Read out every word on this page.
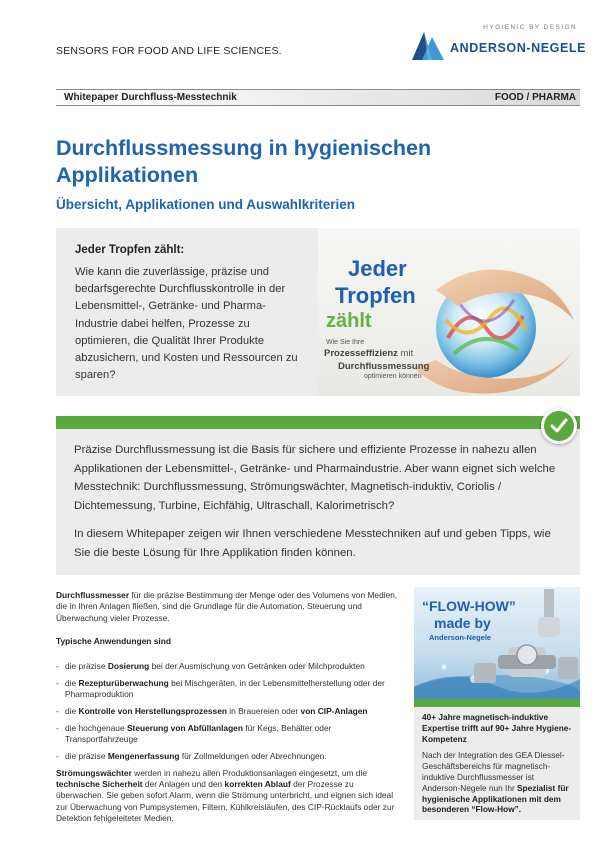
SENSORS FOR FOOD AND LIFE SCIENCES.
HYGIENIC BY DESIGN
ANDERSON-NEGELE
Whitepaper Durchfluss-Messtechnik	FOOD / PHARMA
Durchflussmessung in hygienischen
Applikationen
Übersicht, Applikationen und Auswahlkriterien
Jeder Tropfen zählt:
Wie kann die zuverlässige, präzise und bedarfsgerechte Durchflusskontrolle in der Lebensmittel-, Getränke- und Pharma-Industrie dabei helfen, Prozesse zu optimieren, die Qualität Ihrer Produkte abzusichern, und Kosten und Ressourcen zu sparen?
Jeder
Tropfen
zählt
Wie Sie Ihre
Prozesseffizienz mit
Durchflussmessung
optimieren können
Präzise Durchflussmessung ist die Basis für sichere und effiziente Prozesse in nahezu allen Applikationen der Lebensmittel-, Getränke- und Pharmaindustrie. Aber wann eignet sich welche Messtechnik: Durchflussmessung, Strömungswächter, Magnetisch-induktiv, Coriolis / Dichtemessung, Turbine, Eichfähig, Ultraschall, Kalorimetrisch?
In diesem Whitepaper zeigen wir Ihnen verschiedene Messtechniken auf und geben Tipps, wie Sie die beste Lösung für Ihre Applikation finden können.

Durchflussmesser für die präzise Bestimmung der Menge oder des Volumens von Medien, die in Ihren Anlagen fließen, sind die Grundlage für die Automation, Steuerung und Überwachung vieler Prozesse.

Typische Anwendungen sind

- die präzise Dosierung bei der Ausmischung von Getränken oder Milchprodukten
- die Rezepturüberwachung bei Mischgeräten, in der Lebensmittelherstellung oder der Pharmaproduktion
- die Kontrolle von Herstellungsprozessen in Brauereien oder von CIP-Anlagen
- die hochgenaue Steuerung von Abfüllanlagen für Kegs, Behälter oder Transportfahrzeuge
- die präzise Mengenerfassung für Zollmeldungen oder Abrechnungen.

Strömungswächter werden in nahezu allen Produktionsanlagen eingesetzt, um die technische Sicherheit der Anlagen und den korrekten Ablauf der Prozesse zu überwachen. Sie geben sofort Alarm, wenn die Strömung unterbricht, und eignen sich ideal zur Überwachung von Pumpsystemen, Filtern, Kühlkreisläufen, des CIP-Rücklaufs oder zur Detektion fehlgeleiteter Medien.

“FLOW-HOW”
made by
Anderson-Negele
40+ Jahre magnetisch-induktive Expertise trifft auf 90+ Jahre Hygiene-Kompetenz
Nach der Integration des GEA Diessel-Geschäftsbereichs für magnetisch-induktive Durchflussmesser ist Anderson-Negele nun Ihr Spezialist für hygienische Applikationen mit dem besonderen “Flow-How”.
